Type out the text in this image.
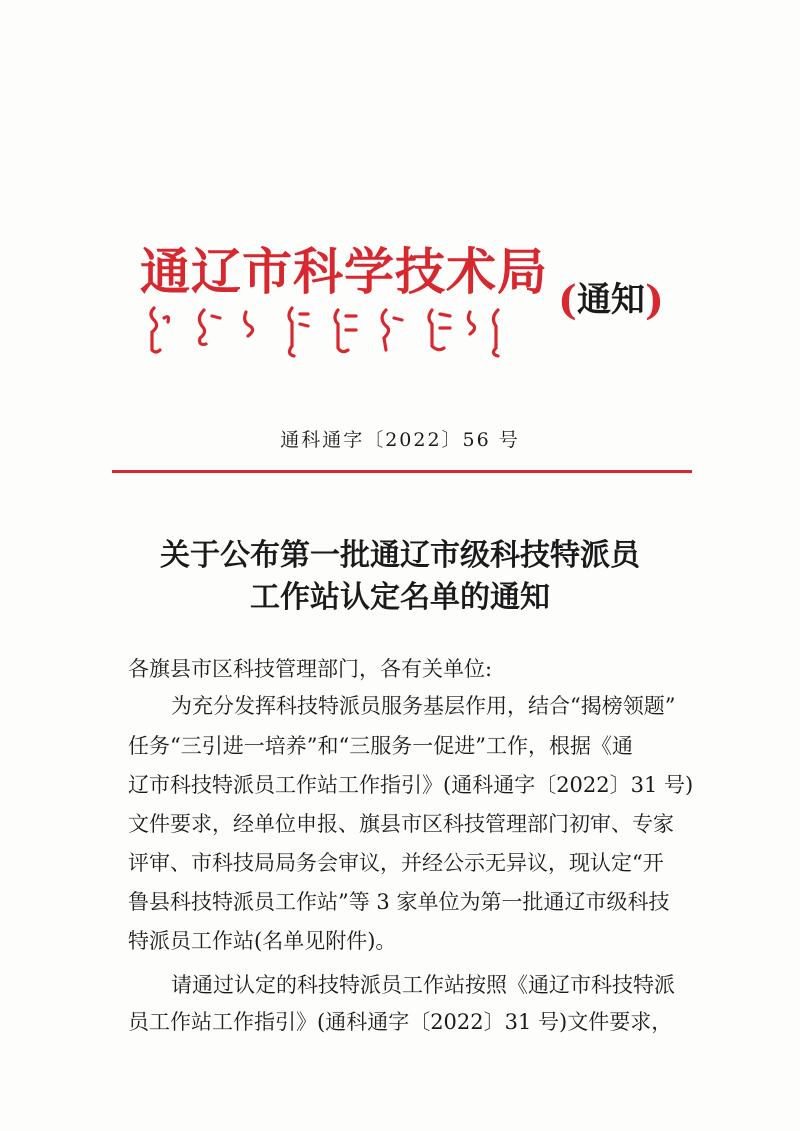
通辽市科学技术局 (通知)
通科通字〔2022〕56 号
关于公布第一批通辽市级科技特派员
工作站认定名单的通知
各旗县市区科技管理部门，各有关单位:
为充分发挥科技特派员服务基层作用，结合“揭榜领题”
任务“三引进一培养”和“三服务一促进”工作，根据《通
辽市科技特派员工作站工作指引》(通科通字〔2022〕31 号)
文件要求，经单位申报、旗县市区科技管理部门初审、专家
评审、市科技局局务会审议，并经公示无异议，现认定“开
鲁县科技特派员工作站”等 3 家单位为第一批通辽市级科技
特派员工作站(名单见附件)。
请通过认定的科技特派员工作站按照《通辽市科技特派
员工作站工作指引》(通科通字〔2022〕31 号)文件要求，
